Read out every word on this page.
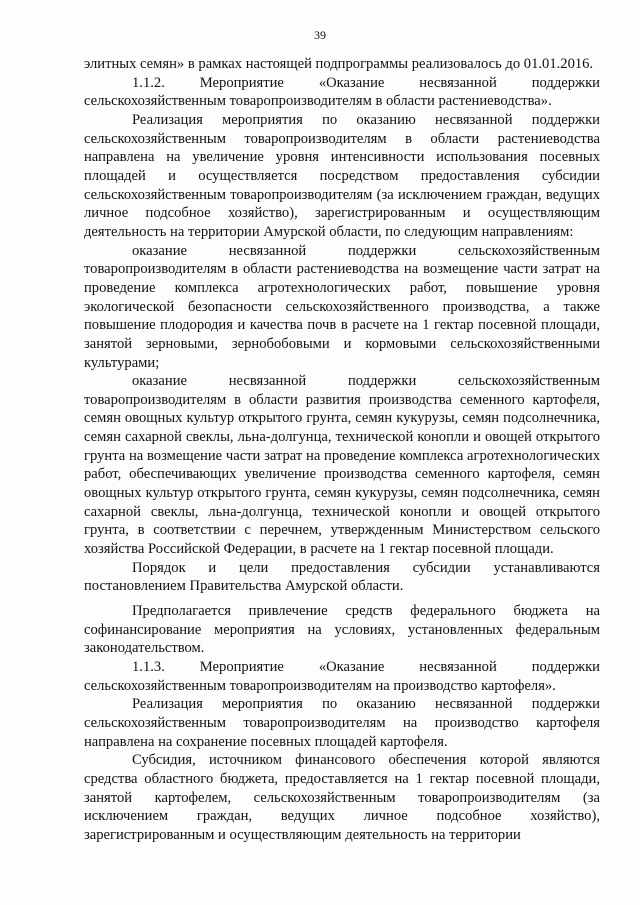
39

элитных семян» в рамках настоящей подпрограммы реализовалось до 01.01.2016.

1.1.2. Мероприятие «Оказание несвязанной поддержки сельскохозяйственным товаропроизводителям в области растениеводства».

Реализация мероприятия по оказанию несвязанной поддержки сельскохозяйственным товаропроизводителям в области растениеводства направлена на увеличение уровня интенсивности использования посевных площадей и осуществляется посредством предоставления субсидии сельскохозяйственным товаропроизводителям (за исключением граждан, ведущих личное подсобное хозяйство), зарегистрированным и осуществляющим деятельность на территории Амурской области, по следующим направлениям:

оказание несвязанной поддержки сельскохозяйственным товаропроизводителям в области растениеводства на возмещение части затрат на проведение комплекса агротехнологических работ, повышение уровня экологической безопасности сельскохозяйственного производства, а также повышение плодородия и качества почв в расчете на 1 гектар посевной площади, занятой зерновыми, зернобобовыми и кормовыми сельскохозяйственными культурами;

оказание несвязанной поддержки сельскохозяйственным товаропроизводителям в области развития производства семенного картофеля, семян овощных культур открытого грунта, семян кукурузы, семян подсолнечника, семян сахарной свеклы, льна-долгунца, технической конопли и овощей открытого грунта на возмещение части затрат на проведение комплекса агротехнологических работ, обеспечивающих увеличение производства семенного картофеля, семян овощных культур открытого грунта, семян кукурузы, семян подсолнечника, семян сахарной свеклы, льна-долгунца, технической конопли и овощей открытого грунта, в соответствии с перечнем, утвержденным Министерством сельского хозяйства Российской Федерации, в расчете на 1 гектар посевной площади.

Порядок и цели предоставления субсидии устанавливаются постановлением Правительства Амурской области.

Предполагается привлечение средств федерального бюджета на софинансирование мероприятия на условиях, установленных федеральным законодательством.

1.1.3. Мероприятие «Оказание несвязанной поддержки сельскохозяйственным товаропроизводителям на производство картофеля».

Реализация мероприятия по оказанию несвязанной поддержки сельскохозяйственным товаропроизводителям на производство картофеля направлена на сохранение посевных площадей картофеля.

Субсидия, источником финансового обеспечения которой являются средства областного бюджета, предоставляется на 1 гектар посевной площади, занятой картофелем, сельскохозяйственным товаропроизводителям (за исключением граждан, ведущих личное подсобное хозяйство), зарегистрированным и осуществляющим деятельность на территории
